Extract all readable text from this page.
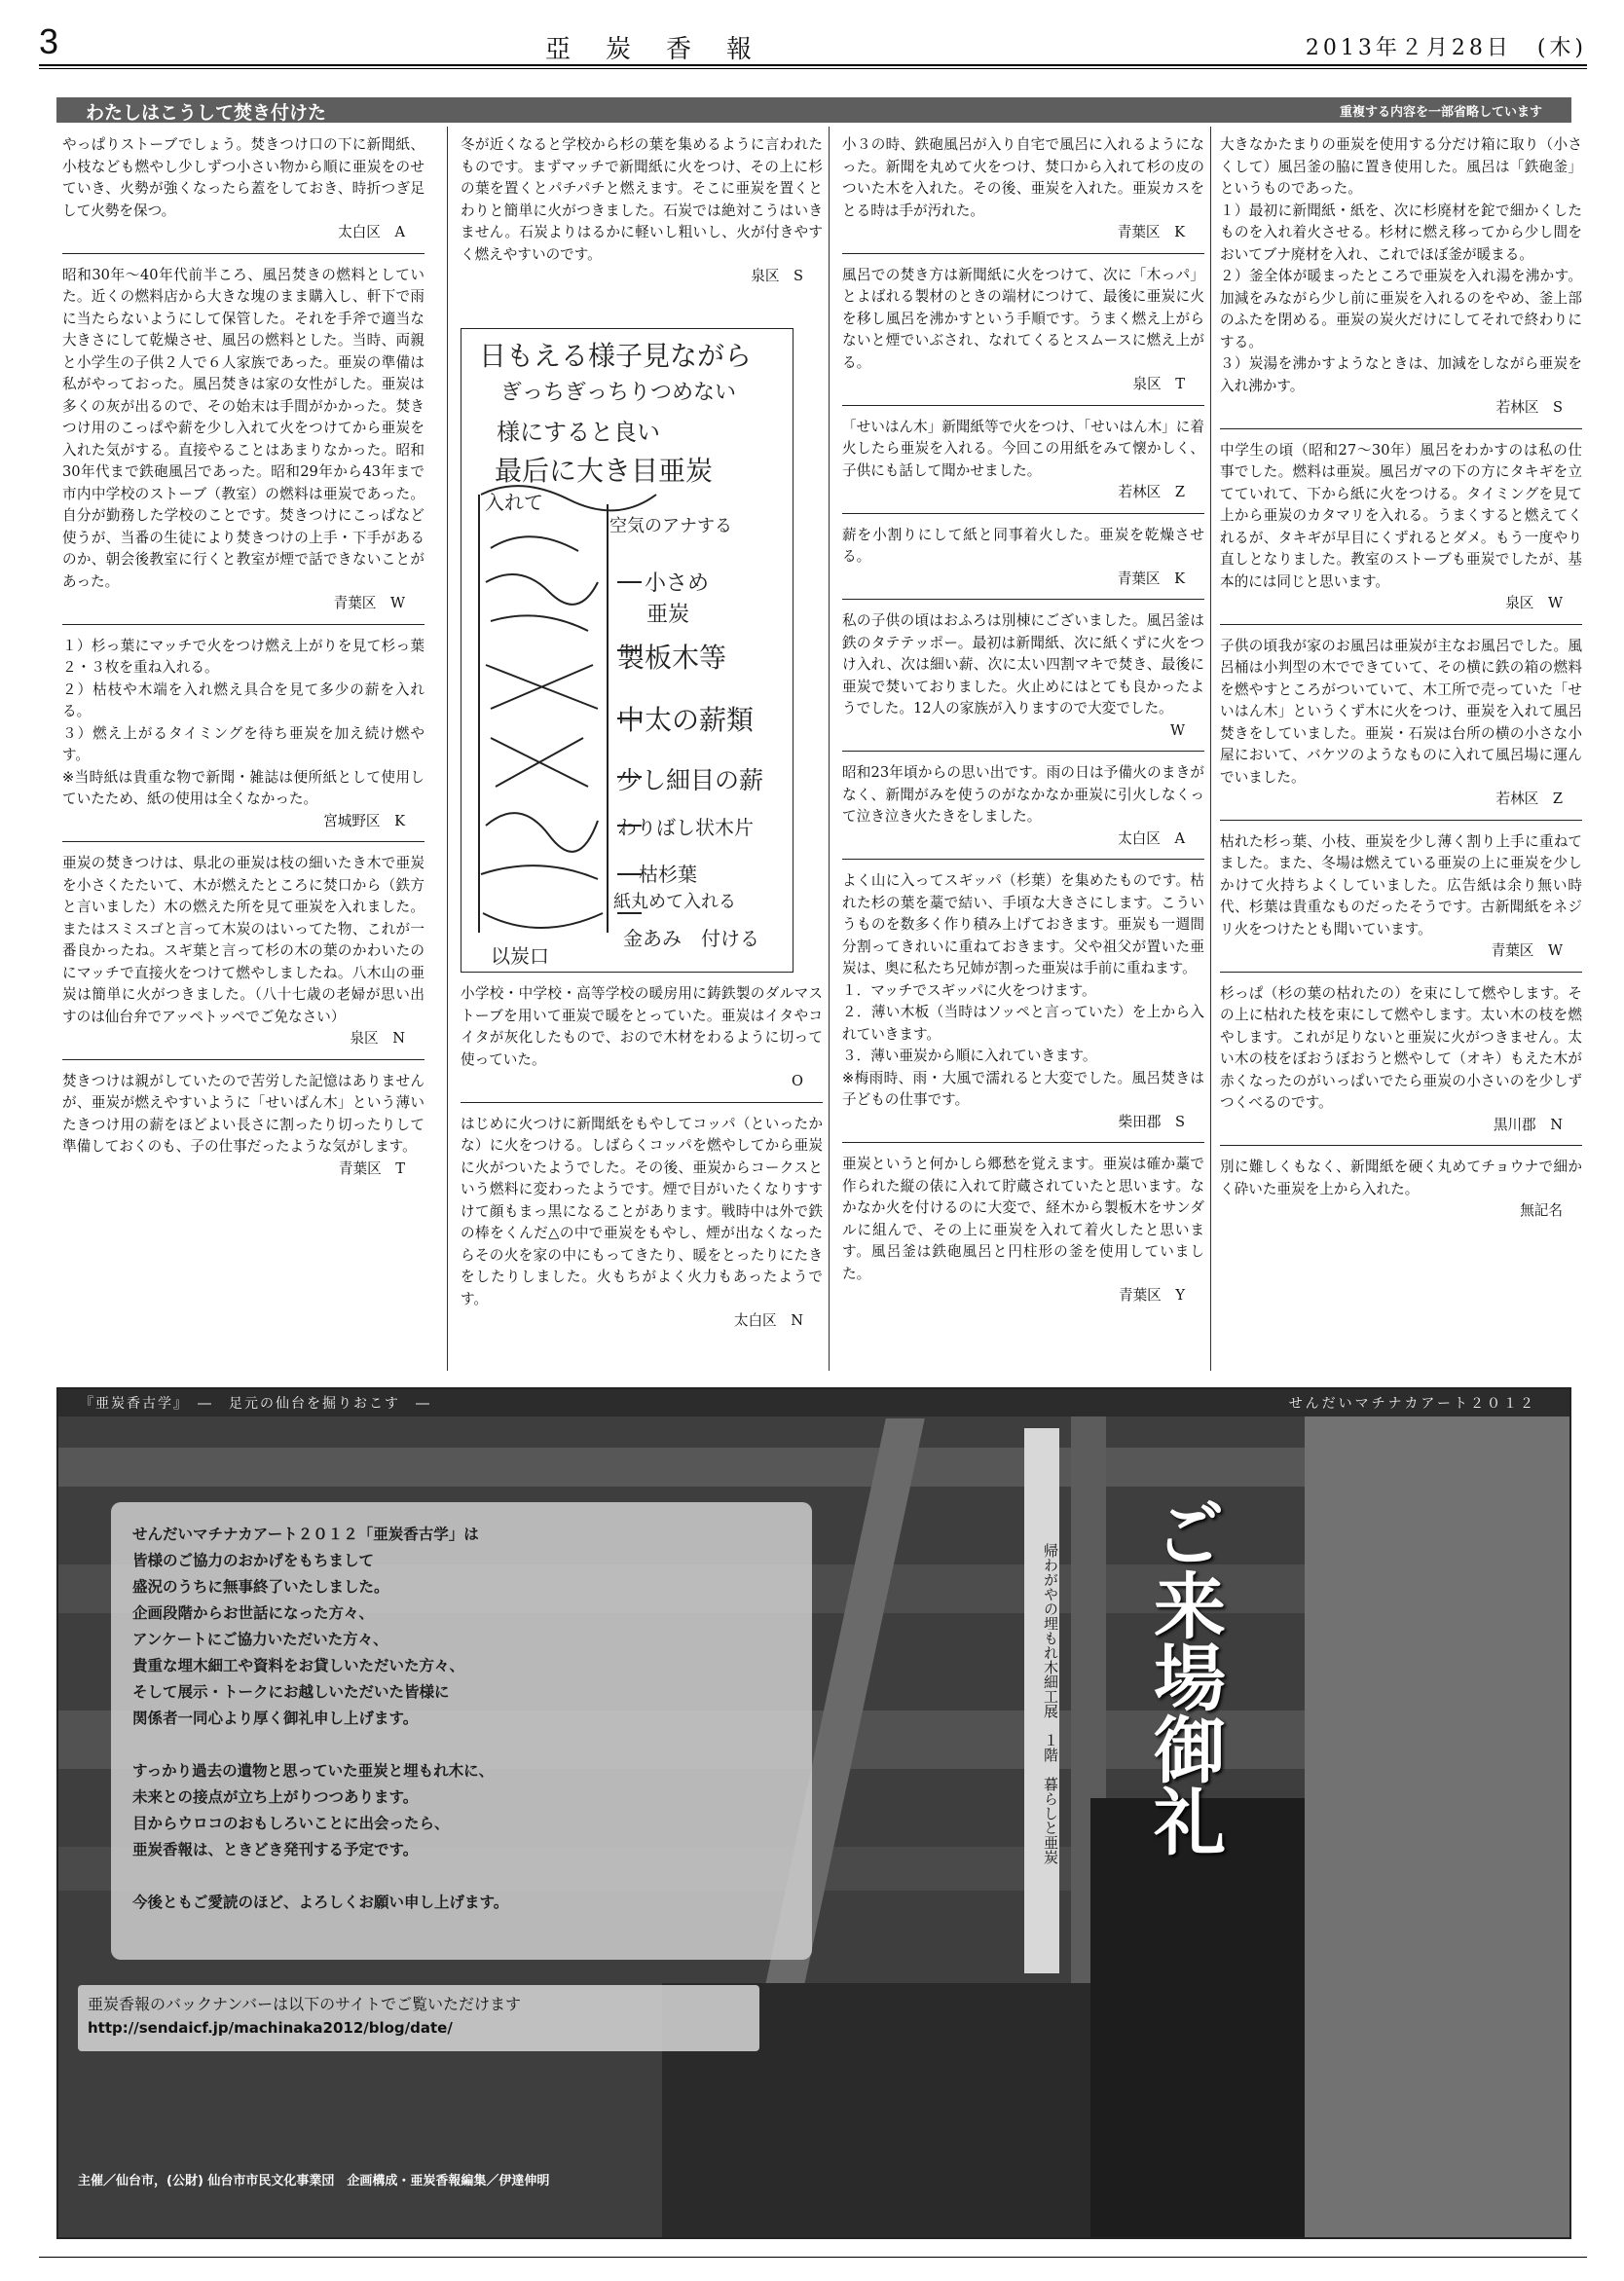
3	亞炭香報	2013年２月28日　(木)
わたしはこうして焚き付けた	重複する内容を一部省略しています
やっぱりストーブでしょう。焚きつけ口の下に新聞紙、小枝なども燃やし少しずつ小さい物から順に亜炭をのせていき、火勢が強くなったら蓋をしておき、時折つぎ足して火勢を保つ。
太白区　A
昭和30年〜40年代前半ころ、風呂焚きの燃料としていた。近くの燃料店から大きな塊のまま購入し、軒下で雨に当たらないようにして保管した。それを手斧で適当な大きさにして乾燥させ、風呂の燃料とした。当時、両親と小学生の子供２人で６人家族であった。亜炭の準備は私がやっておった。風呂焚きは家の女性がした。亜炭は多くの灰が出るので、その始末は手間がかかった。焚きつけ用のこっぱや薪を少し入れて火をつけてから亜炭を入れた気がする。直接やることはあまりなかった。昭和30年代まで鉄砲風呂であった。昭和29年から43年まで市内中学校のストーブ（教室）の燃料は亜炭であった。自分が勤務した学校のことです。焚きつけにこっぱなど使うが、当番の生徒により焚きつけの上手・下手があるのか、朝会後教室に行くと教室が煙で話できないことがあった。
青葉区　W
１）杉っ葉にマッチで火をつけ燃え上がりを見て杉っ葉２・３枚を重ね入れる。
２）枯枝や木端を入れ燃え具合を見て多少の薪を入れる。
３）燃え上がるタイミングを待ち亜炭を加え続け燃やす。
※当時紙は貴重な物で新聞・雑誌は便所紙として使用していたため、紙の使用は全くなかった。
宮城野区　K
亜炭の焚きつけは、県北の亜炭は枝の細いたき木で亜炭を小さくたたいて、木が燃えたところに焚口から（鉄方と言いました）木の燃えた所を見て亜炭を入れました。またはスミスゴと言って木炭のはいってた物、これが一番良かったね。スギ葉と言って杉の木の葉のかわいたのにマッチで直接火をつけて燃やしましたね。八木山の亜炭は簡単に火がつきました。（八十七歳の老婦が思い出すのは仙台弁でアッペトッペでご免なさい）
泉区　N
焚きつけは親がしていたので苦労した記憶はありませんが、亜炭が燃えやすいように「せいばん木」という薄いたきつけ用の薪をほどよい長さに割ったり切ったりして準備しておくのも、子の仕事だったような気がします。
青葉区　T
冬が近くなると学校から杉の葉を集めるように言われたものです。まずマッチで新聞紙に火をつけ、その上に杉の葉を置くとパチパチと燃えます。そこに亜炭を置くとわりと簡単に火がつきました。石炭では絶対こうはいきません。石炭よりはるかに軽いし粗いし、火が付きやすく燃えやすいのです。
泉区　S
日もえる様子見ながら
ぎっちぎっちりつめない
様にすると良い
最后に大き目亜炭
入れて
空気のアナする
小さめ
亜炭
製板木等
中太の薪類
少し細目の薪
わりばし状木片
枯杉葉
紙丸めて入れる
金あみ　付ける
以炭口
小学校・中学校・高等学校の暖房用に鋳鉄製のダルマストーブを用いて亜炭で暖をとっていた。亜炭はイタやコイタが灰化したもので、おので木材をわるように切って使っていた。
O
はじめに火つけに新聞紙をもやしてコッパ（といったかな）に火をつける。しばらくコッパを燃やしてから亜炭に火がついたようでした。その後、亜炭からコークスという燃料に変わったようです。煙で目がいたくなりすすけて顔もまっ黒になることがあります。戦時中は外で鉄の棒をくんだ△の中で亜炭をもやし、煙が出なくなったらその火を家の中にもってきたり、暖をとったりにたきをしたりしました。火もちがよく火力もあったようです。
太白区　N
小３の時、鉄砲風呂が入り自宅で風呂に入れるようになった。新聞を丸めて火をつけ、焚口から入れて杉の皮のついた木を入れた。その後、亜炭を入れた。亜炭カスをとる時は手が汚れた。
青葉区　K
風呂での焚き方は新聞紙に火をつけて、次に「木っパ」とよばれる製材のときの端材につけて、最後に亜炭に火を移し風呂を沸かすという手順です。うまく燃え上がらないと煙でいぶされ、なれてくるとスムースに燃え上がる。
泉区　T
「せいはん木」新聞紙等で火をつけ、「せいはん木」に着火したら亜炭を入れる。今回この用紙をみて懐かしく、子供にも話して聞かせました。
若林区　Z
薪を小割りにして紙と同事着火した。亜炭を乾燥させる。
青葉区　K
私の子供の頃はおふろは別棟にございました。風呂釜は鉄のタテテッポー。最初は新聞紙、次に紙くずに火をつけ入れ、次は細い薪、次に太い四割マキで焚き、最後に亜炭で焚いておりました。火止めにはとても良かったようでした。12人の家族が入りますので大変でした。
W
昭和23年頃からの思い出です。雨の日は予備火のまきがなく、新聞がみを使うのがなかなか亜炭に引火しなくって泣き泣き火たきをしました。
太白区　A
よく山に入ってスギッパ（杉葉）を集めたものです。枯れた杉の葉を藁で結い、手頃な大きさにします。こういうものを数多く作り積み上げておきます。亜炭も一週間分割ってきれいに重ねておきます。父や祖父が置いた亜炭は、奥に私たち兄姉が割った亜炭は手前に重ねます。
１．マッチでスギッパに火をつけます。
２．薄い木板（当時はソッペと言っていた）を上から入れていきます。
３．薄い亜炭から順に入れていきます。
※梅雨時、雨・大風で濡れると大変でした。風呂焚きは子どもの仕事です。
柴田郡　S
亜炭というと何かしら郷愁を覚えます。亜炭は確か藁で作られた縦の俵に入れて貯蔵されていたと思います。なかなか火を付けるのに大変で、経木から製板木をサンダルに組んで、その上に亜炭を入れて着火したと思います。風呂釜は鉄砲風呂と円柱形の釜を使用していました。
青葉区　Y
大きなかたまりの亜炭を使用する分だけ箱に取り（小さくして）風呂釜の脇に置き使用した。風呂は「鉄砲釜」というものであった。
１）最初に新聞紙・紙を、次に杉廃材を鉈で細かくしたものを入れ着火させる。杉材に燃え移ってから少し間をおいてブナ廃材を入れ、これでほぼ釜が暖まる。
２）釜全体が暖まったところで亜炭を入れ湯を沸かす。加減をみながら少し前に亜炭を入れるのをやめ、釜上部のふたを閉める。亜炭の炭火だけにしてそれで終わりにする。
３）炭湯を沸かすようなときは、加減をしながら亜炭を入れ沸かす。
若林区　S
中学生の頃（昭和27〜30年）風呂をわかすのは私の仕事でした。燃料は亜炭。風呂ガマの下の方にタキギを立てていれて、下から紙に火をつける。タイミングを見て上から亜炭のカタマリを入れる。うまくすると燃えてくれるが、タキギが早目にくずれるとダメ。もう一度やり直しとなりました。教室のストーブも亜炭でしたが、基本的には同じと思います。
泉区　W
子供の頃我が家のお風呂は亜炭が主なお風呂でした。風呂桶は小判型の木でできていて、その横に鉄の箱の燃料を燃やすところがついていて、木工所で売っていた「せいはん木」というくず木に火をつけ、亜炭を入れて風呂焚きをしていました。亜炭・石炭は台所の横の小さな小屋において、バケツのようなものに入れて風呂場に運んでいました。
若林区　Z
枯れた杉っ葉、小枝、亜炭を少し薄く割り上手に重ねてました。また、冬場は燃えている亜炭の上に亜炭を少しかけて火持ちよくしていました。広告紙は余り無い時代、杉葉は貴重なものだったそうです。古新聞紙をネジリ火をつけたとも聞いています。
青葉区　W
杉っぱ（杉の葉の枯れたの）を束にして燃やします。その上に枯れた枝を束にして燃やします。太い木の枝を燃やします。これが足りないと亜炭に火がつきません。太い木の枝をぼおうぼおうと燃やして（オキ）もえた木が赤くなったのがいっぱいでたら亜炭の小さいのを少しずつくべるのです。
黒川郡　N
別に難しくもなく、新聞紙を硬く丸めてチョウナで細かく砕いた亜炭を上から入れた。
無記名
帰わがやの埋もれ木細工展　１階　暮らしと亜炭
『亜炭香古学』　―　足元の仙台を掘りおこす　―	せんだいマチナカアート２０１２
せんだいマチナカアート２０１２「亜炭香古学」は
皆様のご協力のおかげをもちまして
盛況のうちに無事終了いたしました。
企画段階からお世話になった方々、
アンケートにご協力いただいた方々、
貴重な埋木細工や資料をお貸しいただいた方々、
そして展示・トークにお越しいただいた皆様に
関係者一同心より厚く御礼申し上げます。

すっかり過去の遺物と思っていた亜炭と埋もれ木に、
未来との接点が立ち上がりつつあります。
目からウロコのおもしろいことに出会ったら、
亜炭香報は、ときどき発刊する予定です。

今後ともご愛読のほど、よろしくお願い申し上げます。
亜炭香報のバックナンバーは以下のサイトでご覧いただけます
http://sendaicf.jp/machinaka2012/blog/date/
主催／仙台市，(公財) 仙台市市民文化事業団　企画構成・亜炭香報編集／伊達伸明
ご来場御礼
